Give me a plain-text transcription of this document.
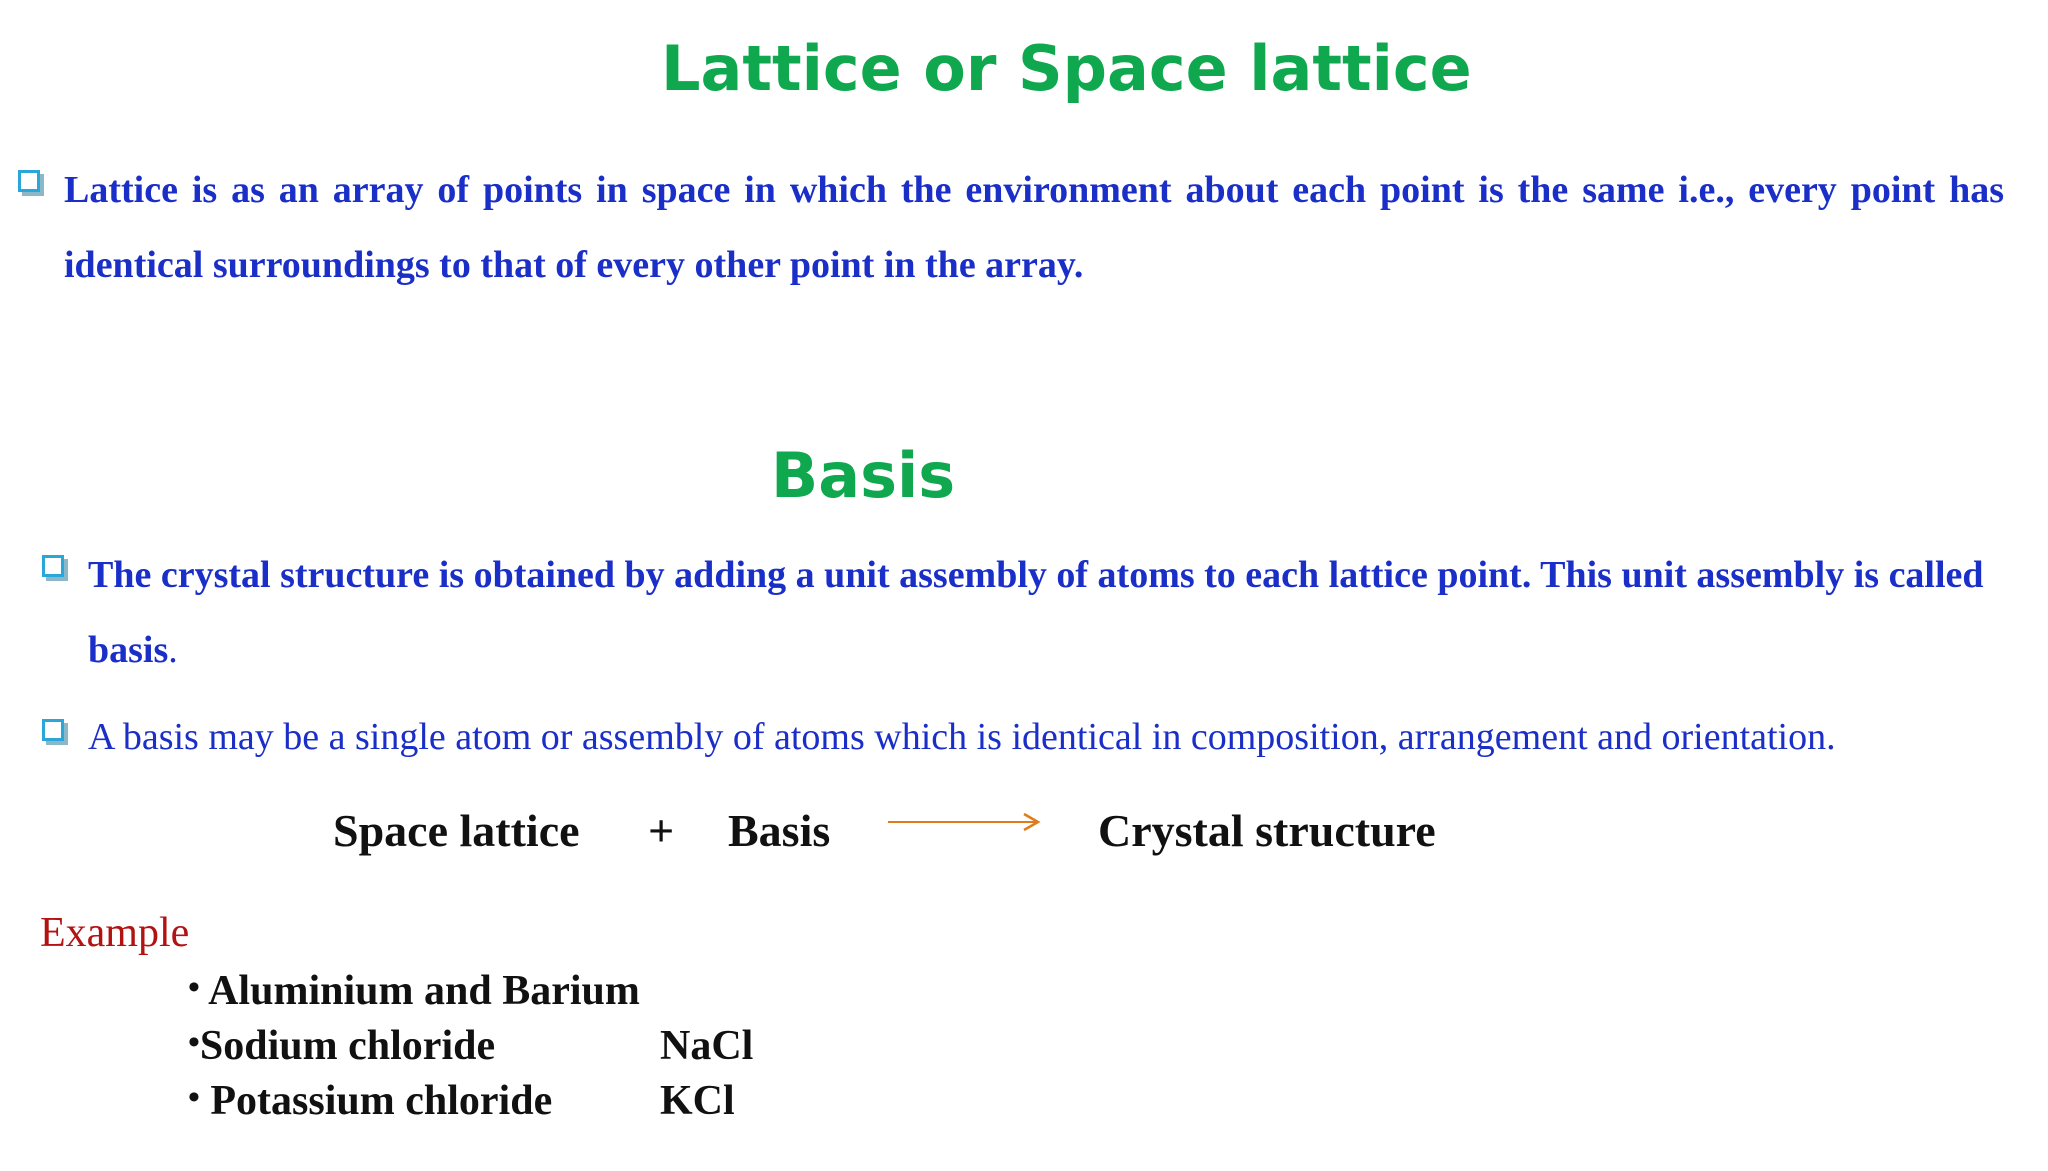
Lattice or Space lattice

Lattice is as an array of points in space in which the environment about each point is the same i.e., every point has identical surroundings to that of every other point in the array.

Basis

The crystal structure is obtained by adding a unit assembly of atoms to each lattice point. This unit assembly is called basis.

A basis may be a single atom or assembly of atoms which is identical in composition, arrangement and orientation.

Space lattice + Basis	Crystal structure

Example

• Aluminium and Barium
•Sodium chloride	NaCl
• Potassium chloride	KCl
